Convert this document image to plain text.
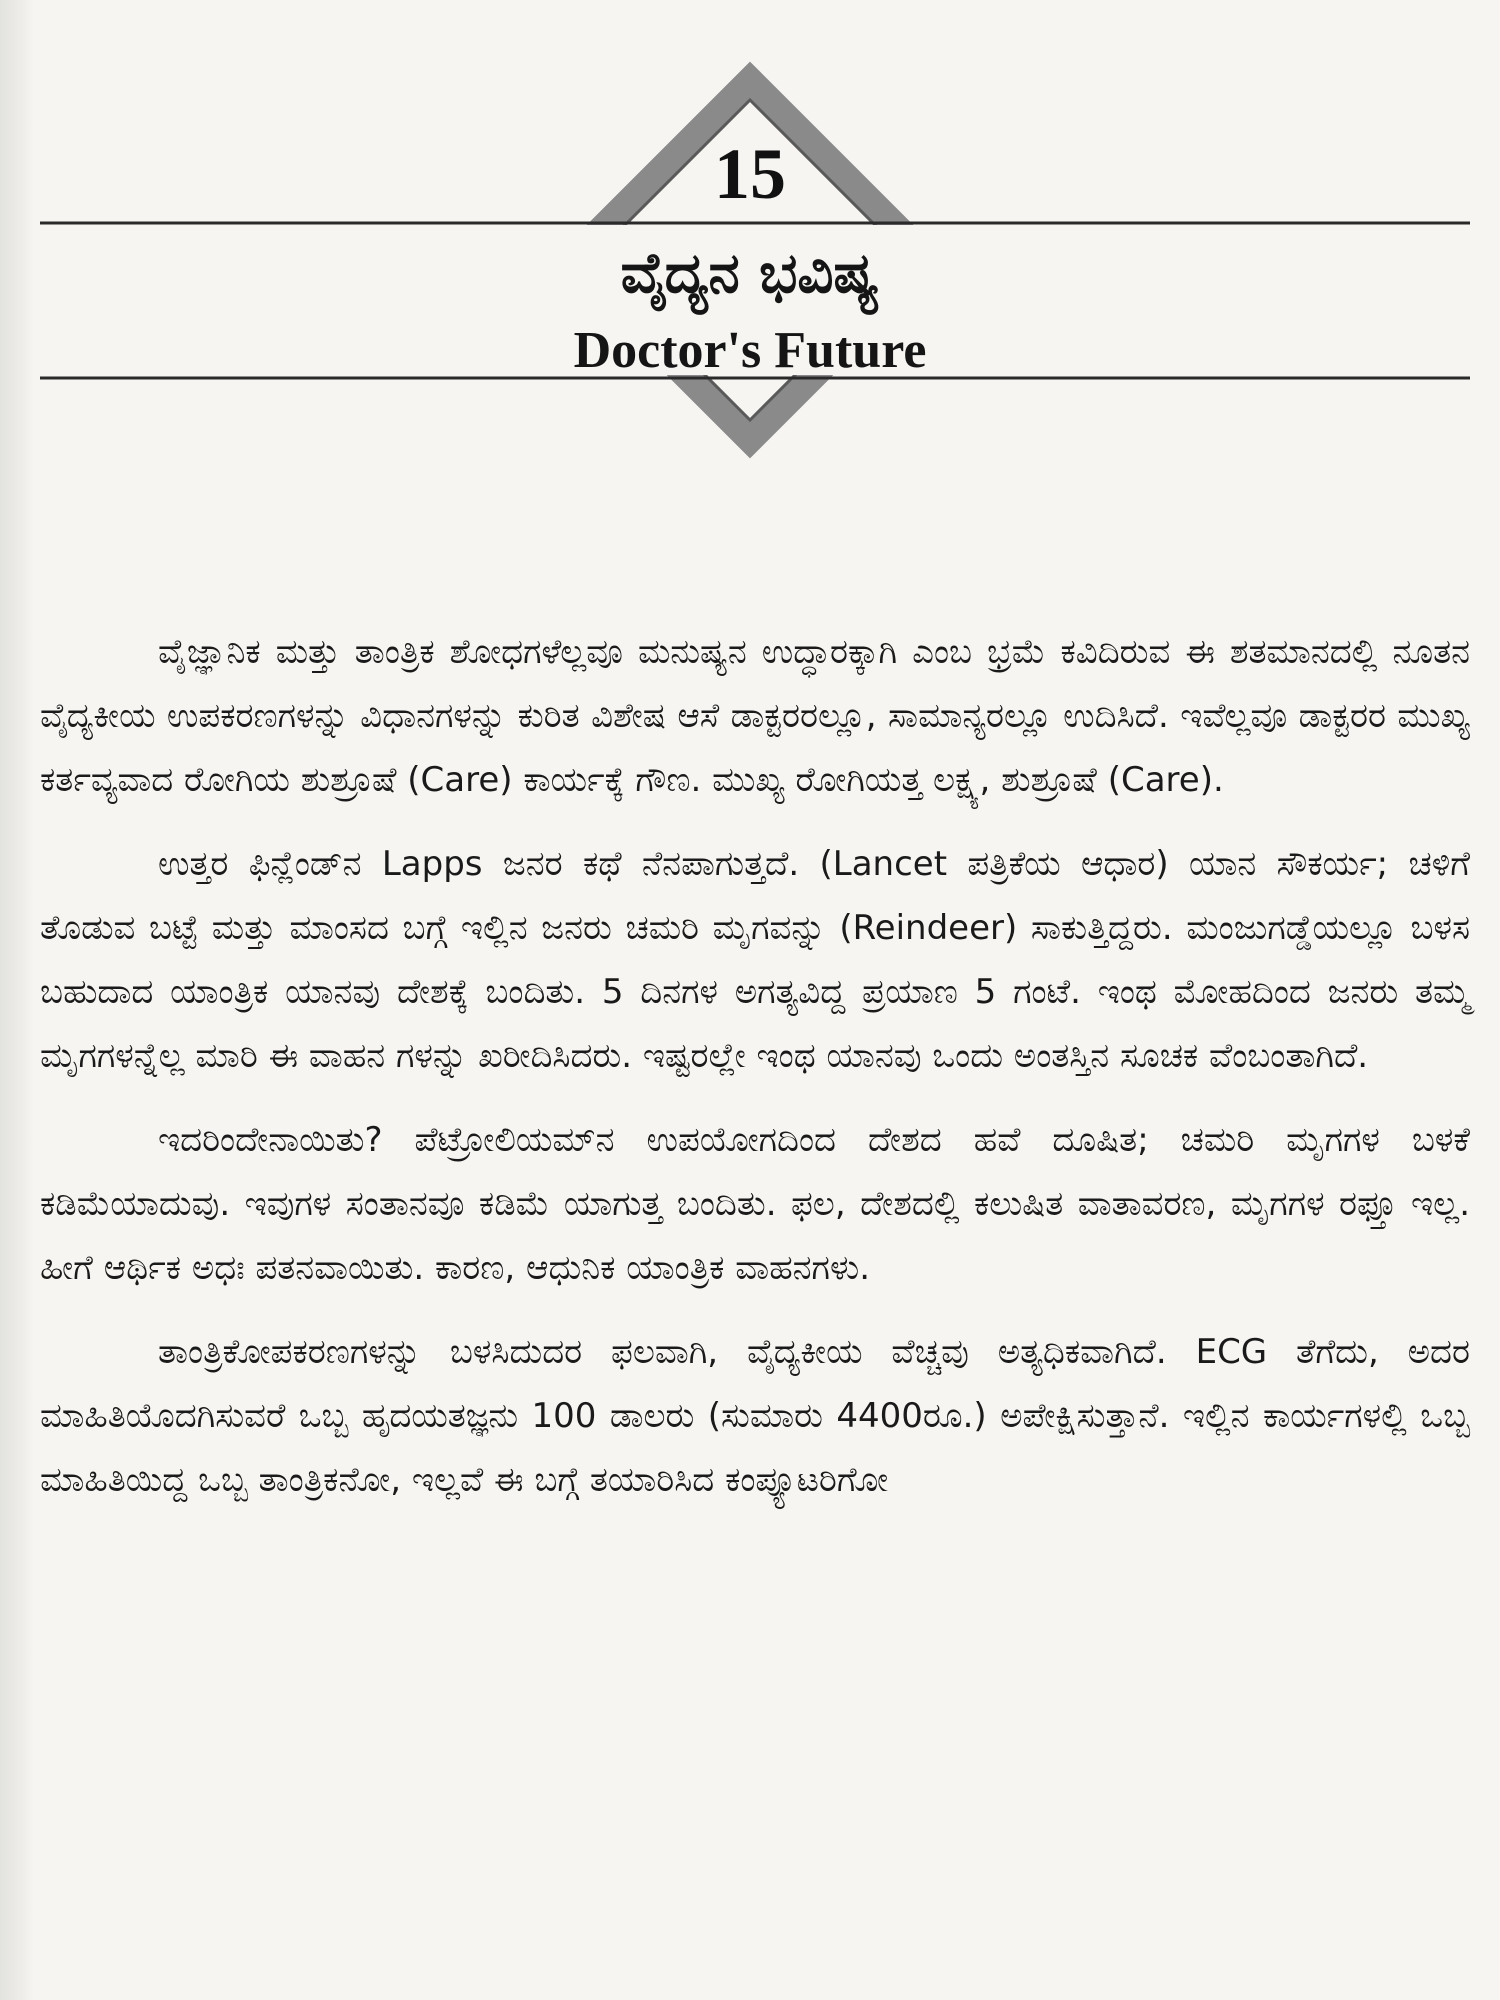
15
ವೈದ್ಯನ ಭವಿಷ್ಯ
Doctor's Future

ವೈಜ್ಞಾನಿಕ ಮತ್ತು ತಾಂತ್ರಿಕ ಶೋಧಗಳೆಲ್ಲವೂ ಮನುಷ್ಯನ ಉದ್ಧಾರಕ್ಕಾಗಿ ಎಂಬ ಭ್ರಮೆ ಕವಿದಿರುವ ಈ ಶತಮಾನದಲ್ಲಿ ನೂತನ ವೈದ್ಯಕೀಯ ಉಪಕರಣಗಳನ್ನು ವಿಧಾನಗಳನ್ನು ಕುರಿತ ವಿಶೇಷ ಆಸೆ ಡಾಕ್ಟರರಲ್ಲೂ, ಸಾಮಾನ್ಯರಲ್ಲೂ ಉದಿಸಿದೆ. ಇವೆಲ್ಲವೂ ಡಾಕ್ಟರರ ಮುಖ್ಯ ಕರ್ತವ್ಯವಾದ ರೋಗಿಯ ಶುಶ್ರೂಷೆ (Care) ಕಾರ್ಯಕ್ಕೆ ಗೌಣ. ಮುಖ್ಯ ರೋಗಿಯತ್ತ ಲಕ್ಷ್ಯ, ಶುಶ್ರೂಷೆ (Care).

ಉತ್ತರ ಫಿನ್ಲೆಂಡ್‌ನ Lapps ಜನರ ಕಥೆ ನೆನಪಾಗುತ್ತದೆ. (Lancet ಪತ್ರಿಕೆಯ ಆಧಾರ) ಯಾನ ಸೌಕರ್ಯ; ಚಳಿಗೆ ತೊಡುವ ಬಟ್ಟೆ ಮತ್ತು ಮಾಂಸದ ಬಗ್ಗೆ ಇಲ್ಲಿನ ಜನರು ಚಮರಿ ಮೃಗವನ್ನು (Reindeer) ಸಾಕುತ್ತಿದ್ದರು. ಮಂಜುಗಡ್ಡೆಯಲ್ಲೂ ಬಳಸ ಬಹುದಾದ ಯಾಂತ್ರಿಕ ಯಾನವು ದೇಶಕ್ಕೆ ಬಂದಿತು. 5 ದಿನಗಳ ಅಗತ್ಯವಿದ್ದ ಪ್ರಯಾಣ 5 ಗಂಟೆ. ಇಂಥ ಮೋಹದಿಂದ ಜನರು ತಮ್ಮ ಮೃಗಗಳನ್ನೆಲ್ಲ ಮಾರಿ ಈ ವಾಹನ ಗಳನ್ನು ಖರೀದಿಸಿದರು. ಇಷ್ಟರಲ್ಲೇ ಇಂಥ ಯಾನವು ಒಂದು ಅಂತಸ್ತಿನ ಸೂಚಕ ವೆಂಬಂತಾಗಿದೆ.

ಇದರಿಂದೇನಾಯಿತು? ಪೆಟ್ರೋಲಿಯಮ್‌ನ ಉಪಯೋಗದಿಂದ ದೇಶದ ಹವೆ ದೂಷಿತ; ಚಮರಿ ಮೃಗಗಳ ಬಳಕೆ ಕಡಿಮೆಯಾದುವು. ಇವುಗಳ ಸಂತಾನವೂ ಕಡಿಮೆ ಯಾಗುತ್ತ ಬಂದಿತು. ಫಲ, ದೇಶದಲ್ಲಿ ಕಲುಷಿತ ವಾತಾವರಣ, ಮೃಗಗಳ ರಫ್ತೂ ಇಲ್ಲ. ಹೀಗೆ ಆರ್ಥಿಕ ಅಧಃ ಪತನವಾಯಿತು. ಕಾರಣ, ಆಧುನಿಕ ಯಾಂತ್ರಿಕ ವಾಹನಗಳು.

ತಾಂತ್ರಿಕೋಪಕರಣಗಳನ್ನು ಬಳಸಿದುದರ ಫಲವಾಗಿ, ವೈದ್ಯಕೀಯ ವೆಚ್ಚವು ಅತ್ಯಧಿಕವಾಗಿದೆ. ECG ತೆಗೆದು, ಅದರ ಮಾಹಿತಿಯೊದಗಿಸುವರೆ ಒಬ್ಬ ಹೃದಯತಜ್ಞನು 100 ಡಾಲರು (ಸುಮಾರು 4400ರೂ.) ಅಪೇಕ್ಷಿಸುತ್ತಾನೆ. ಇಲ್ಲಿನ ಕಾರ್ಯಗಳಲ್ಲಿ ಒಬ್ಬ ಮಾಹಿತಿಯಿದ್ದ ಒಬ್ಬ ತಾಂತ್ರಿಕನೋ, ಇಲ್ಲವೆ ಈ ಬಗ್ಗೆ ತಯಾರಿಸಿದ ಕಂಪ್ಯೂಟರಿಗೋ
